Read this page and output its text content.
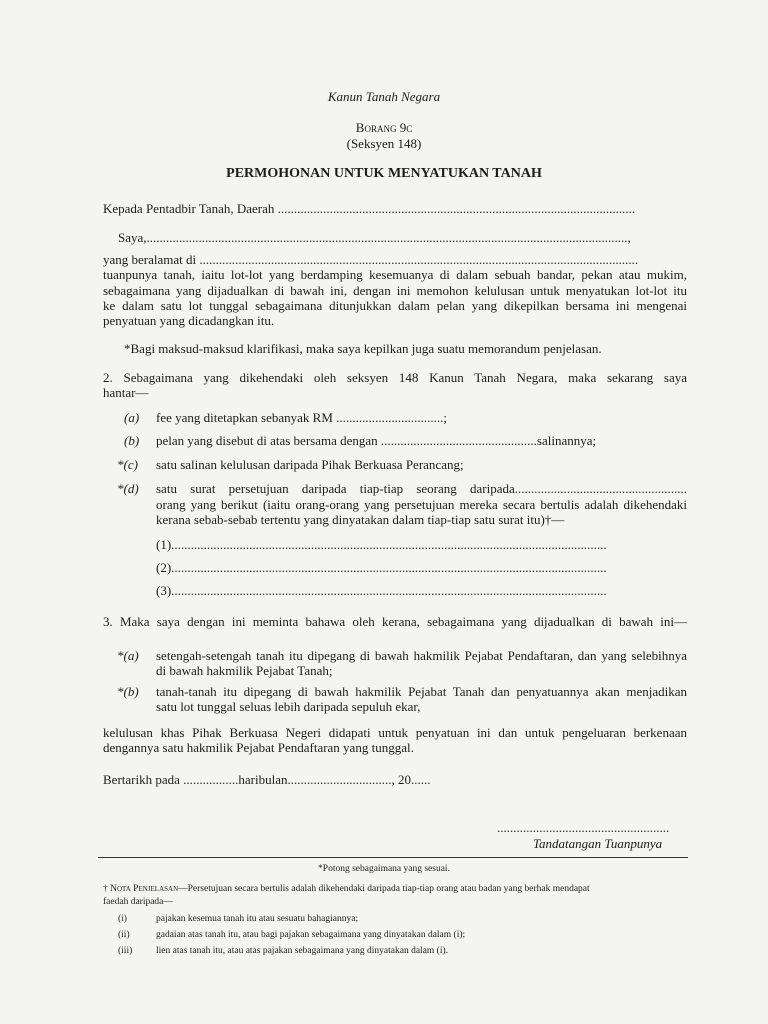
Kanun Tanah Negara
Borang 9c
(Seksyen 148)
PERMOHONAN UNTUK MENYATUKAN TANAH
Kepada Pentadbir Tanah, Daerah ..............................................................................................................
Saya,....................................................................................................................................................,
yang beralamat di .......................................................................................................................................
tuanpunya tanah, iaitu lot-lot yang berdamping kesemuanya di dalam sebuah bandar, pekan atau mukim,
sebagaimana yang dijadualkan di bawah ini, dengan ini memohon kelulusan untuk menyatukan lot-lot itu
ke dalam satu lot tunggal sebagaimana ditunjukkan dalam pelan yang dikepilkan bersama ini mengenai
penyatuan yang dicadangkan itu.
*Bagi maksud-maksud klarifikasi, maka saya kepilkan juga suatu memorandum penjelasan.
2. Sebagaimana yang dikehendaki oleh seksyen 148 Kanun Tanah Negara, maka sekarang saya
hantar—
(a) fee yang ditetapkan sebanyak RM .................................;
(b) pelan yang disebut di atas bersama dengan ................................................salinannya;
*(c) satu salinan kelulusan daripada Pihak Berkuasa Perancang;
*(d) satu surat persetujuan daripada tiap-tiap seorang daripada.....................................................
orang yang berikut (iaitu orang-orang yang persetujuan mereka secara bertulis adalah dikehendaki
kerana sebab-sebab tertentu yang dinyatakan dalam tiap-tiap satu surat itu)†—
(1)......................................................................................................................................
(2)......................................................................................................................................
(3)......................................................................................................................................
3. Maka saya dengan ini meminta bahawa oleh kerana, sebagaimana yang dijadualkan di bawah ini—
*(a) setengah-setengah tanah itu dipegang di bawah hakmilik Pejabat Pendaftaran, dan yang selebihnya
di bawah hakmilik Pejabat Tanah;
*(b) tanah-tanah itu dipegang di bawah hakmilik Pejabat Tanah dan penyatuannya akan menjadikan
satu lot tunggal seluas lebih daripada sepuluh ekar,
kelulusan khas Pihak Berkuasa Negeri didapati untuk penyatuan ini dan untuk pengeluaran berkenaan
dengannya satu hakmilik Pejabat Pendaftaran yang tunggal.
Bertarikh pada .................haribulan................................, 20......
.....................................................
Tandatangan Tuanpunya
*Potong sebagaimana yang sesuai.
† Nota Penjelasan—Persetujuan secara bertulis adalah dikehendaki daripada tiap-tiap orang atau badan yang berhak mendapat
faedah daripada—
(i)	pajakan kesemua tanah itu atau sesuatu bahagiannya;
(ii)	gadaian atas tanah itu, atau bagi pajakan sebagaimana yang dinyatakan dalam (i);
(iii)	lien atas tanah itu, atau atas pajakan sebagaimana yang dinyatakan dalam (i).
